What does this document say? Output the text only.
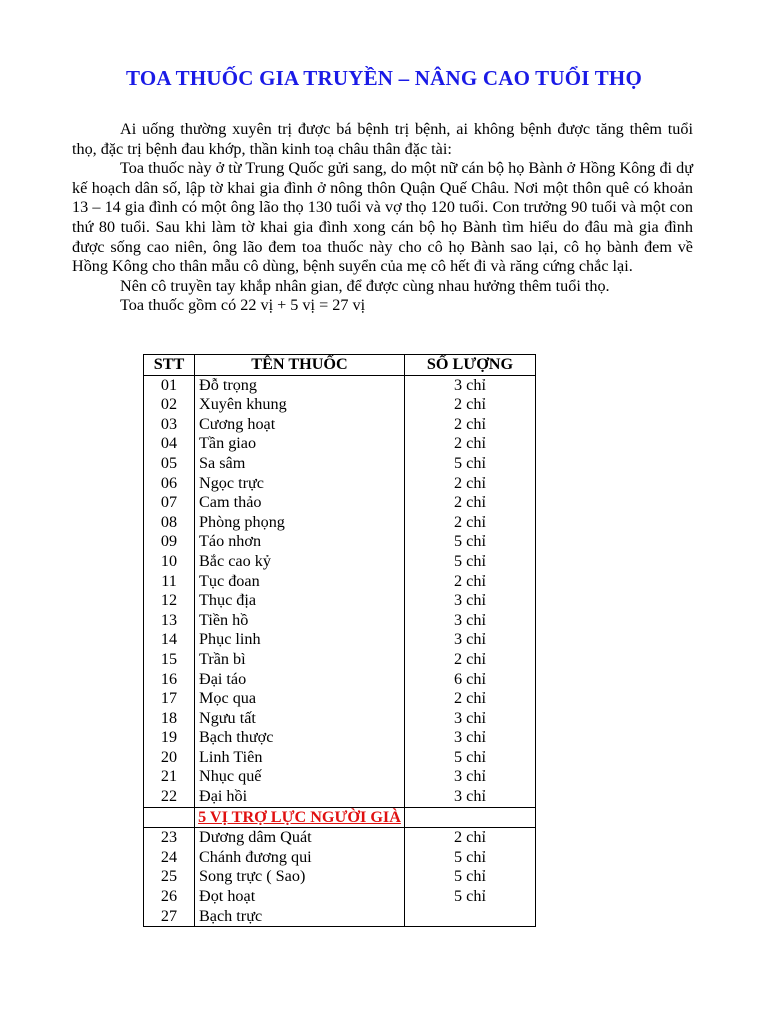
TOA THUỐC GIA TRUYỀN – NÂNG CAO TUỔI THỌ

Ai uống thường xuyên trị được bá bệnh trị bệnh, ai không bệnh được tăng thêm tuổi thọ, đặc trị bệnh đau khớp, thần kinh toạ châu thân đặc tài:

Toa thuốc này ở từ Trung Quốc gửi sang, do một nữ cán bộ họ Bành ở Hồng Kông đi dự kế hoạch dân số, lập tờ khai gia đình ở nông thôn Quận Quế Châu. Nơi một thôn quê có khoản 13 – 14 gia đình có một ông lão thọ 130 tuổi và vợ thọ 120 tuổi. Con trưởng 90 tuổi và một con thứ 80 tuổi. Sau khi làm tờ khai gia đình xong cán bộ họ Bành tìm hiểu do đâu mà gia đình được sống cao niên, ông lão đem toa thuốc này cho cô họ Bành sao lại, cô họ bành đem về Hồng Kông cho thân mẫu cô dùng, bệnh suyển của mẹ cô hết đi và răng cứng chắc lại.

Nên cô truyền tay khắp nhân gian, để được cùng nhau hưởng thêm tuổi thọ.

Toa thuốc gồm có 22 vị + 5 vị = 27 vị

STT	TÊN THUỐC	SỐ LƯỢNG
01	Đỗ trọng	3 chỉ
02	Xuyên khung	2 chỉ
03	Cương hoạt	2 chỉ
04	Tần giao	2 chỉ
05	Sa sâm	5 chỉ
06	Ngọc trực	2 chỉ
07	Cam thảo	2 chỉ
08	Phòng phọng	2 chỉ
09	Táo nhơn	5 chỉ
10	Bắc cao kỷ	5 chỉ
11	Tục đoan	2 chỉ
12	Thục địa	3 chỉ
13	Tiền hồ	3 chỉ
14	Phục linh	3 chỉ
15	Trần bì	2 chỉ
16	Đại táo	6 chỉ
17	Mọc qua	2 chỉ
18	Ngưu tất	3 chỉ
19	Bạch thược	3 chỉ
20	Linh Tiên	5 chỉ
21	Nhục quế	3 chỉ
22	Đại hồi	3 chỉ

	5 VỊ TRỢ LỰC NGƯỜI GIÀ	

23	Dương dâm Quát	2 chỉ
24	Chánh đương qui	5 chỉ
25	Song trực ( Sao)	5 chỉ
26	Đọt hoạt	5 chỉ
27	Bạch trực	
